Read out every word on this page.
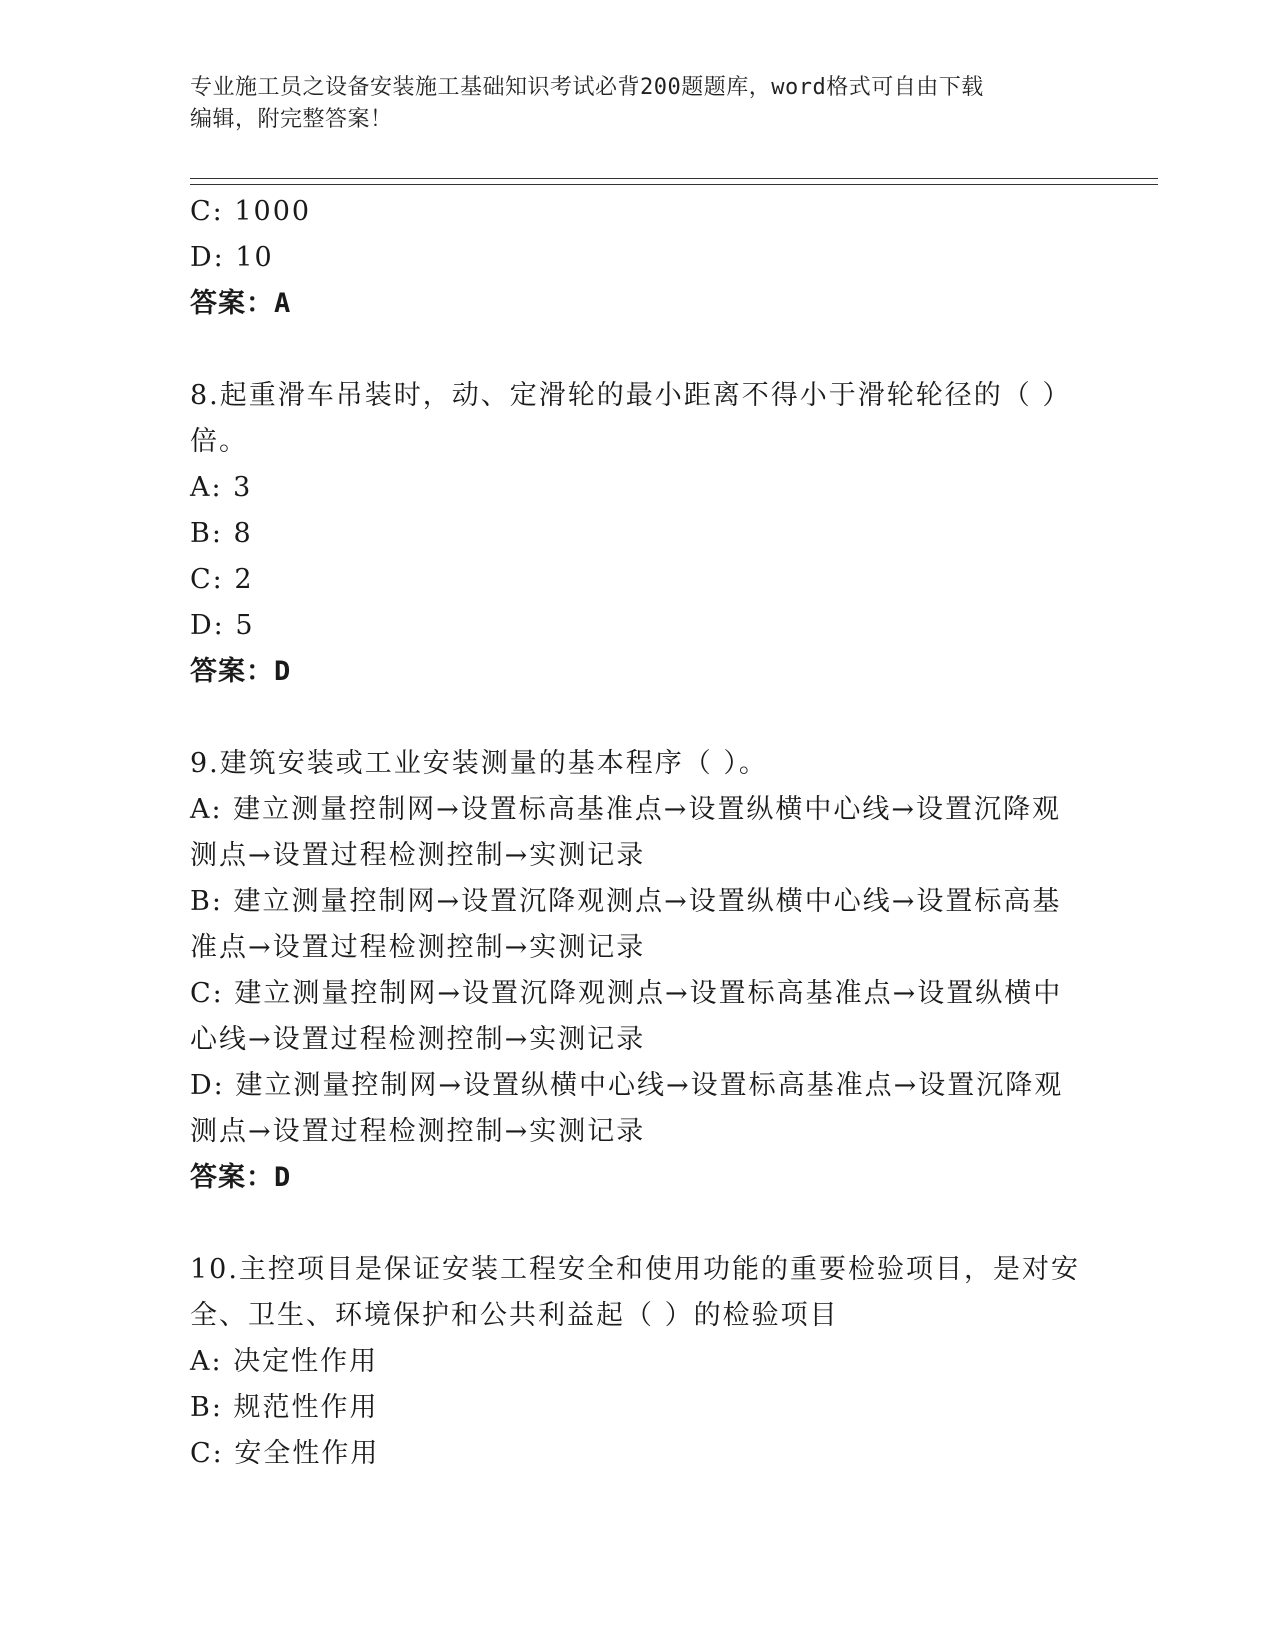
专业施工员之设备安装施工基础知识考试必背200题题库，word格式可自由下载
编辑，附完整答案！
C: 1000
D: 10
答案：A
8.起重滑车吊装时，动、定滑轮的最小距离不得小于滑轮轮径的（ ）
倍。
A: 3
B: 8
C: 2
D: 5
答案：D
9.建筑安装或工业安装测量的基本程序（ ）。
A: 建立测量控制网→设置标高基准点→设置纵横中心线→设置沉降观
测点→设置过程检测控制→实测记录
B: 建立测量控制网→设置沉降观测点→设置纵横中心线→设置标高基
准点→设置过程检测控制→实测记录
C: 建立测量控制网→设置沉降观测点→设置标高基准点→设置纵横中
心线→设置过程检测控制→实测记录
D: 建立测量控制网→设置纵横中心线→设置标高基准点→设置沉降观
测点→设置过程检测控制→实测记录
答案：D
10.主控项目是保证安装工程安全和使用功能的重要检验项目，是对安
全、卫生、环境保护和公共利益起（ ）的检验项目
A: 决定性作用
B: 规范性作用
C: 安全性作用
